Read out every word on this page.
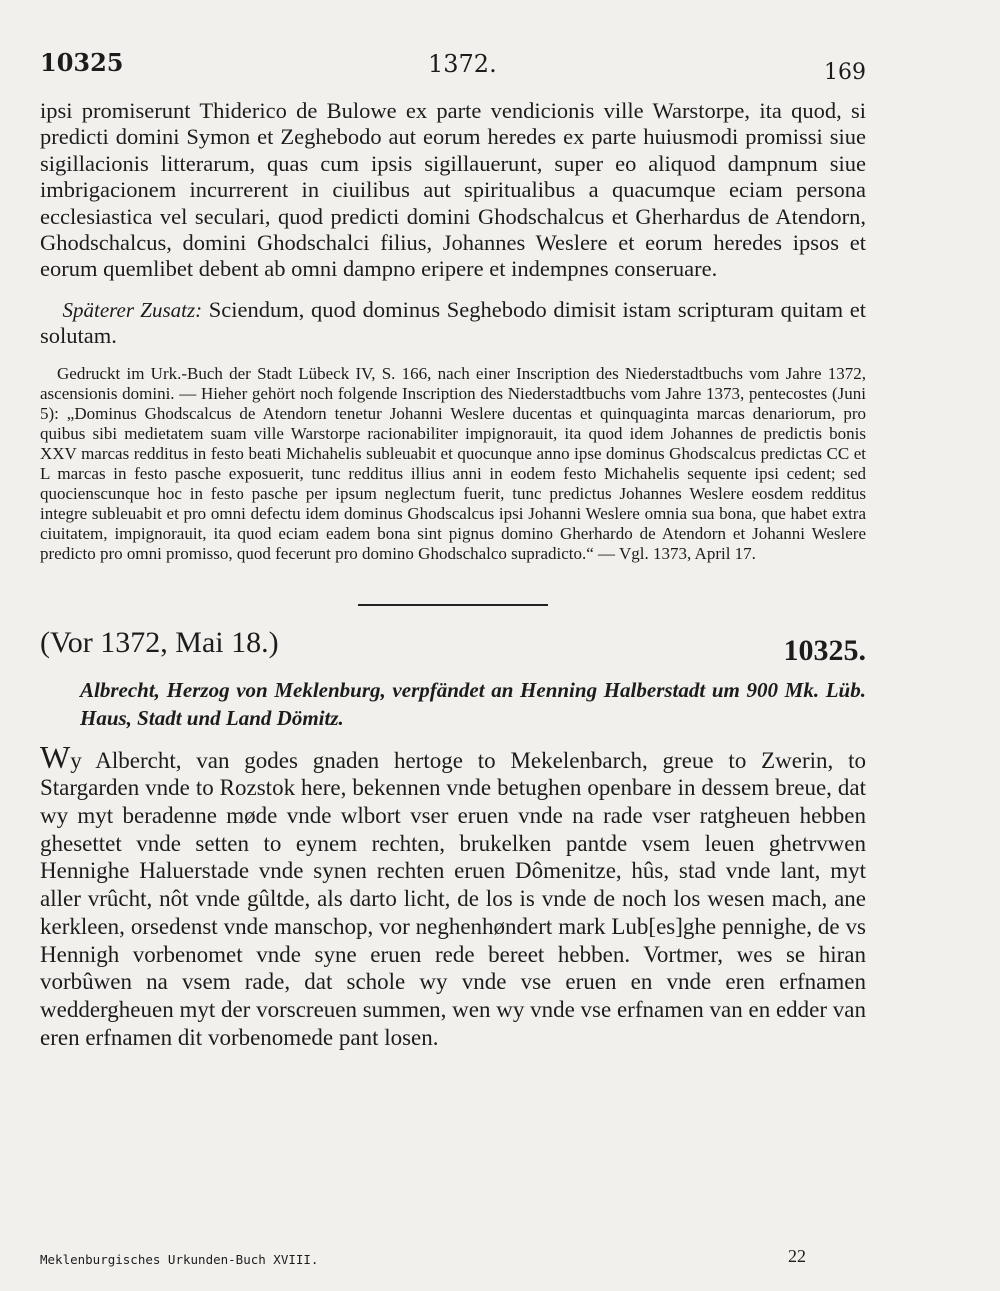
10325	1372.	169

ipsi promiserunt Thiderico de Bulowe ex parte vendicionis ville Warstorpe, ita quod, si predicti domini Symon et Zeghebodo aut eorum heredes ex parte huiusmodi promissi siue sigillacionis litterarum, quas cum ipsis sigillauerunt, super eo aliquod dampnum siue imbrigacionem incurrerent in ciuilibus aut spiritualibus a quacumque eciam persona ecclesiastica vel seculari, quod predicti domini Ghodschalcus et Gherhardus de Atendorn, Ghodschalcus, domini Ghodschalci filius, Johannes Weslere et eorum heredes ipsos et eorum quemlibet debent ab omni dampno eripere et indempnes conseruare.

 Späterer Zusatz: Sciendum, quod dominus Seghebodo dimisit istam scripturam quitam et solutam.

 Gedruckt im Urk.-Buch der Stadt Lübeck IV, S. 166, nach einer Inscription des Niederstadtbuchs vom Jahre 1372, ascensionis domini. — Hieher gehört noch folgende Inscription des Niederstadtbuchs vom Jahre 1373, pentecostes (Juni 5): „Dominus Ghodscalcus de Atendorn tenetur Johanni Weslere ducentas et quinquaginta marcas denariorum, pro quibus sibi medietatem suam ville Warstorpe racionabiliter impignorauit, ita quod idem Johannes de predictis bonis XXV marcas redditus in festo beati Michahelis subleuabit et quocunque anno ipse dominus Ghodscalcus predictas CC et L marcas in festo pasche exposuerit, tunc redditus illius anni in eodem festo Michahelis sequente ipsi cedent; sed quocienscunque hoc in festo pasche per ipsum neglectum fuerit, tunc predictus Johannes Weslere eosdem redditus integre subleuabit et pro omni defectu idem dominus Ghodscalcus ipsi Johanni Weslere omnia sua bona, que habet extra ciuitatem, impignorauit, ita quod eciam eadem bona sint pignus domino Gherhardo de Atendorn et Johanni Weslere predicto pro omni promisso, quod fecerunt pro domino Ghodschalco supradicto.“ — Vgl. 1373, April 17.

(Vor 1372, Mai 18.)	10325.

Albrecht, Herzog von Meklenburg, verpfändet an Henning Halberstadt um 900 Mk. Lüb. Haus, Stadt und Land Dömitz.

Wy Albercht, van godes gnaden hertoge to Mekelenbarch, greue to Zwerin, to Stargarden vnde to Rozstok here, bekennen vnde betughen openbare in dessem breue, dat wy myt beradenne møde vnde wlbort vser eruen vnde na rade vser ratgheuen hebben ghesettet vnde setten to eynem rechten, brukelken pantde vsem leuen ghetrvwen Hennighe Haluerstade vnde synen rechten eruen Dômenitze, hûs, stad vnde lant, myt aller vrûcht, nôt vnde gûltde, als darto licht, de los is vnde de noch los wesen mach, ane kerkleen, orsedenst vnde manschop, vor neghenhøndert mark Lub[es]ghe pennighe, de vs Hennigh vorbenomet vnde syne eruen rede bereet hebben. Vortmer, wes se hiran vorbûwen na vsem rade, dat schole wy vnde vse eruen en vnde eren erfnamen weddergheuen myt der vorscreuen summen, wen wy vnde vse erfnamen van en edder van eren erfnamen dit vorbenomede pant losen.

Meklenburgisches Urkunden-Buch XVIII.	22
